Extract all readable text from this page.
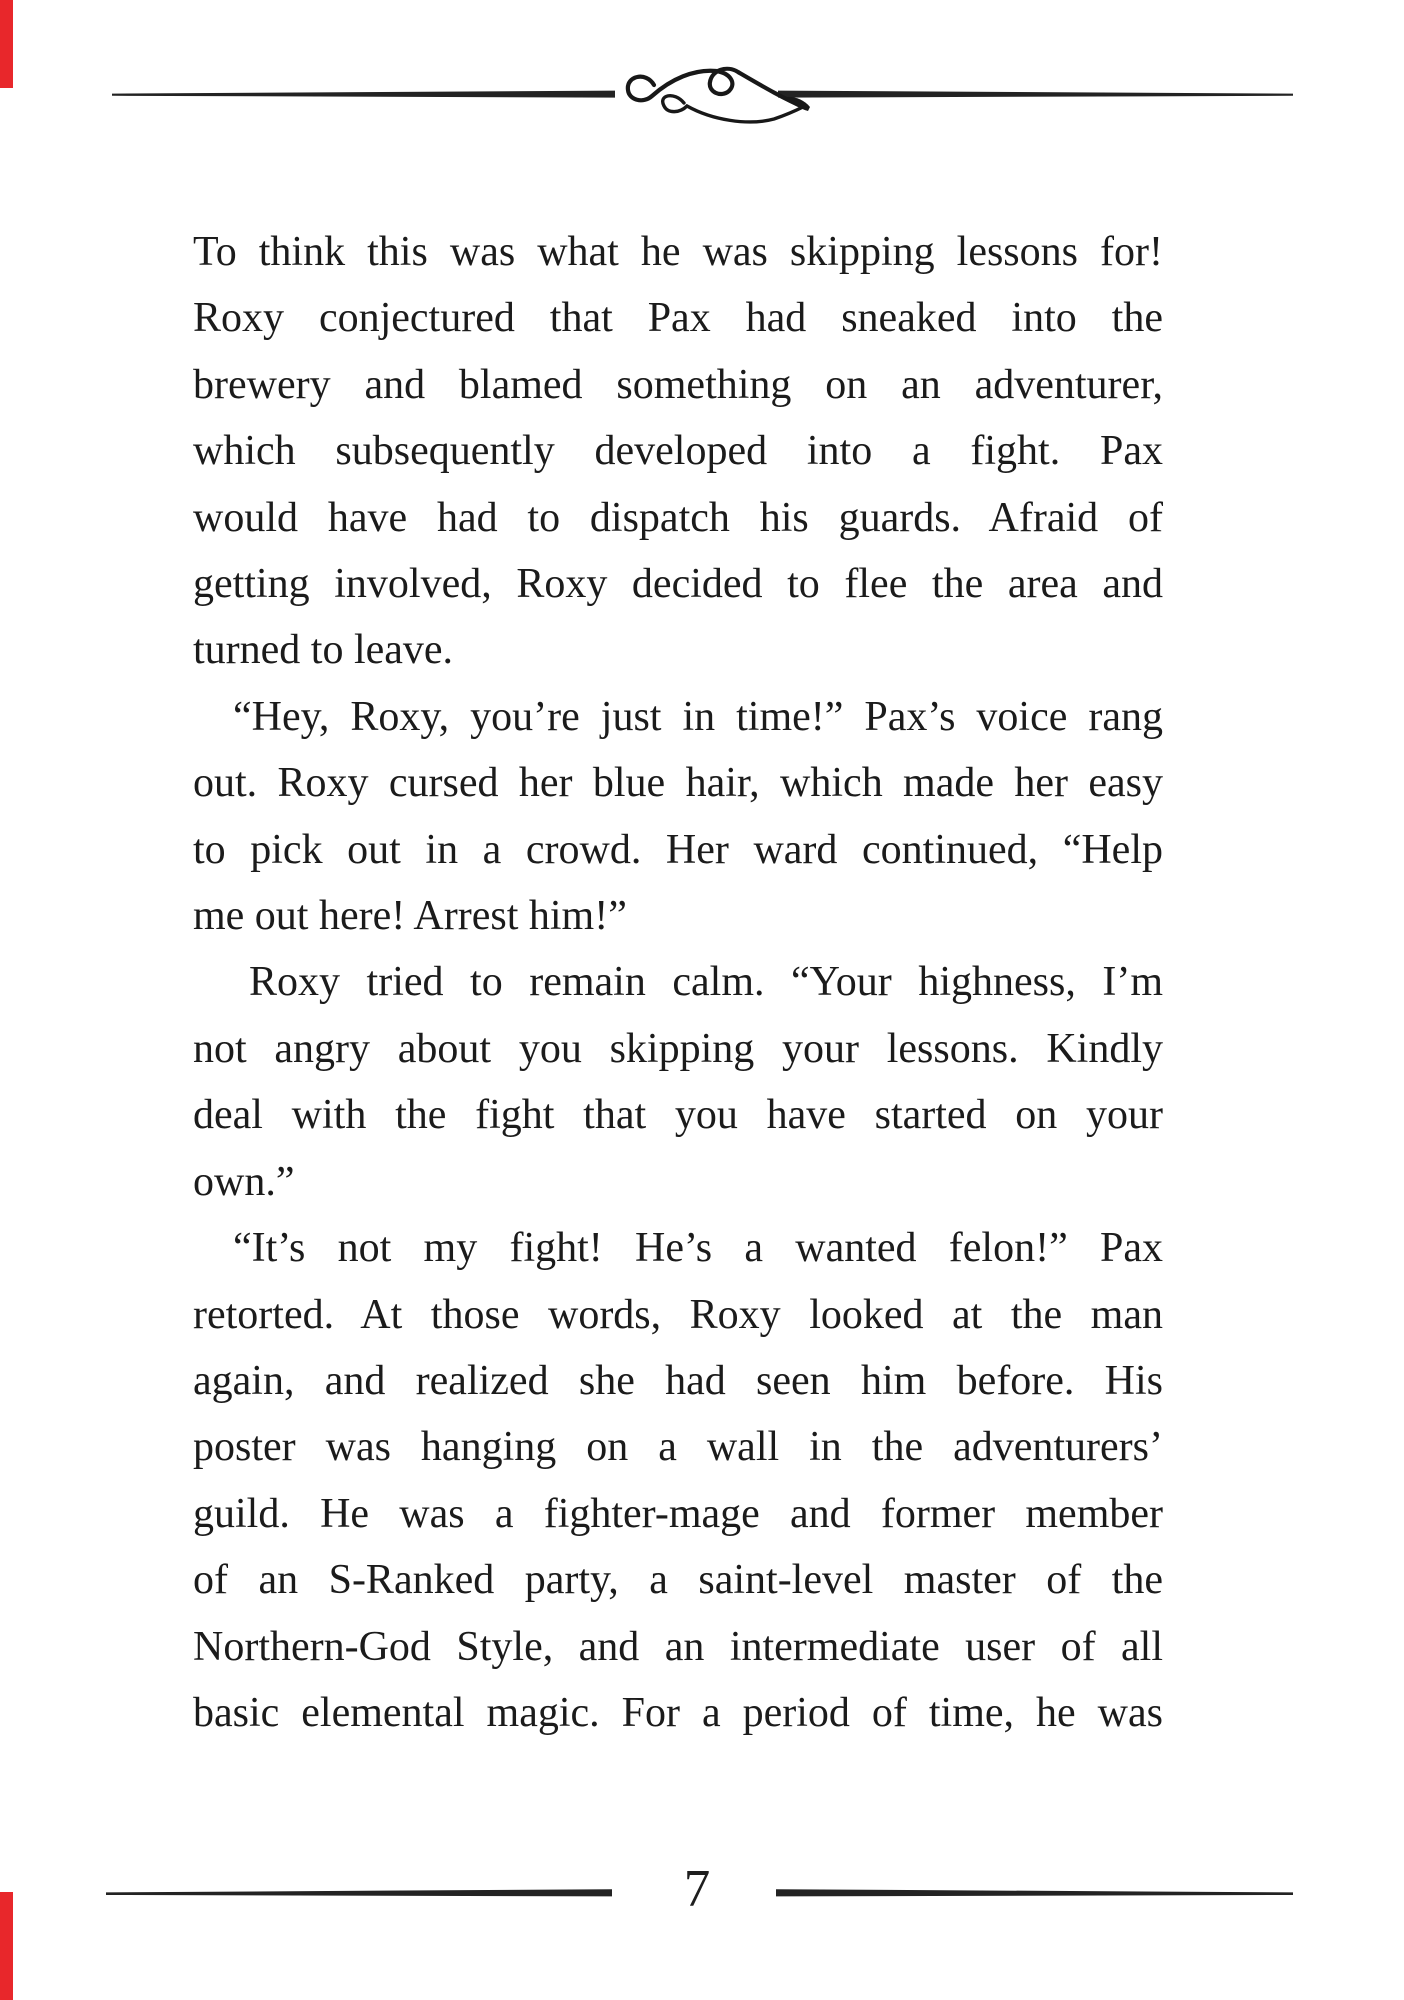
To think this was what he was skipping lessons for!
Roxy conjectured that Pax had sneaked into the
brewery and blamed something on an adventurer,
which subsequently developed into a fight. Pax
would have had to dispatch his guards. Afraid of
getting involved, Roxy decided to flee the area and
turned to leave.
“Hey, Roxy, you’re just in time!” Pax’s voice rang
out. Roxy cursed her blue hair, which made her easy
to pick out in a crowd. Her ward continued, “Help
me out here! Arrest him!”
Roxy tried to remain calm. “Your highness, I’m
not angry about you skipping your lessons. Kindly
deal with the fight that you have started on your
own.”
“It’s not my fight! He’s a wanted felon!” Pax
retorted. At those words, Roxy looked at the man
again, and realized she had seen him before. His
poster was hanging on a wall in the adventurers’
guild. He was a fighter-mage and former member
of an S-Ranked party, a saint-level master of the
Northern-God Style, and an intermediate user of all
basic elemental magic. For a period of time, he was
7
